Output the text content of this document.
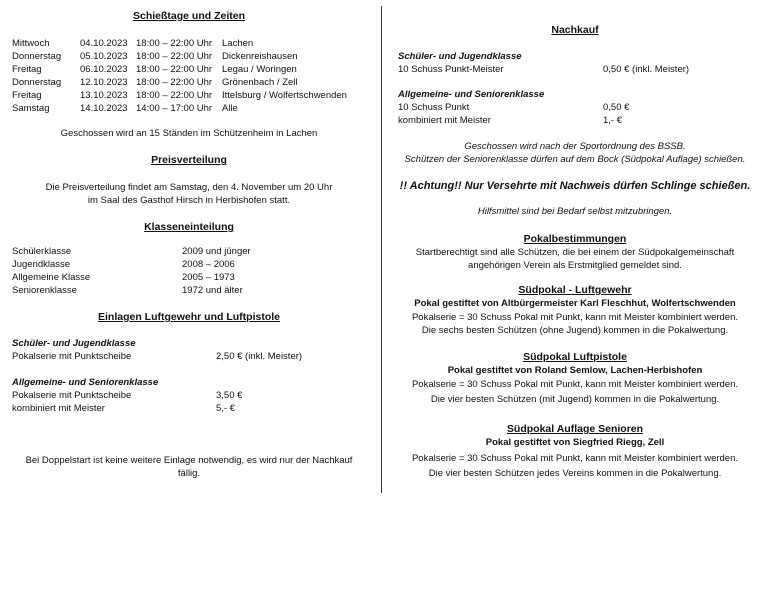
Schießtage und Zeiten
Mittwoch	04.10.2023 18:00 – 22:00 Uhr Lachen
Donnerstag 05.10.2023 18:00 – 22:00 Uhr Dickenreishausen
Freitag	06.10.2023 18:00 – 22:00 Uhr Legau / Woringen
Donnerstag 12.10.2023 18:00 – 22:00 Uhr Grönenbach / Zell
Freitag	13.10.2023 18:00 – 22:00 Uhr Ittelsburg / Wolfertschwenden
Samstag	14.10.2023 14:00 – 17:00 Uhr Alle
Geschossen wird an 15 Ständen im Schützenheim in Lachen
Preisverteilung
Die Preisverteilung findet am Samstag, den 4. November um 20 Uhr
im Saal des Gasthof Hirsch in Herbishofen statt.
Klasseneinteilung
Schülerklasse	2009 und jünger
Jugendklasse	2008 – 2006
Allgemeine Klasse	2005 – 1973
Seniorenklasse	1972 und älter
Einlagen Luftgewehr und Luftpistole
Schüler- und Jugendklasse
Pokalserie mit Punktscheibe	2,50 € (inkl. Meister)
Allgemeine- und Seniorenklasse
Pokalserie mit Punktscheibe	3,50 €
kombiniert mit Meister	5,- €
Bei Doppelstart ist keine weitere Einlage notwendig, es wird nur der Nachkauf
fällig.
Nachkauf
Schüler- und Jugendklasse
10 Schuss Punkt-Meister	0,50 € (inkl. Meister)
Allgemeine- und Seniorenklasse
10 Schuss Punkt	0,50 €
kombiniert mit Meister	1,- €
Geschossen wird nach der Sportordnung des BSSB.
Schützen der Seniorenklasse dürfen auf dem Bock (Südpokal Auflage) schießen.
!! Achtung!! Nur Versehrte mit Nachweis dürfen Schlinge schießen.
Hilfsmittel sind bei Bedarf selbst mitzubringen.
Pokalbestimmungen
Startberechtigt sind alle Schützen, die bei einem der Südpokalgemeinschaft
angehörigen Verein als Erstmitglied gemeldet sind.
Südpokal - Luftgewehr
Pokal gestiftet von Altbürgermeister Karl Fleschhut, Wolfertschwenden
Pokalserie = 30 Schuss Pokal mit Punkt, kann mit Meister kombiniert werden.
Die sechs besten Schützen (ohne Jugend) kommen in die Pokalwertung.
Südpokal Luftpistole
Pokal gestiftet von Roland Semlow, Lachen-Herbishofen
Pokalserie = 30 Schuss Pokal mit Punkt, kann mit Meister kombiniert werden.
Die vier besten Schützen (mit Jugend) kommen in die Pokalwertung.
Südpokal Auflage Senioren
Pokal gestiftet von Siegfried Riegg, Zell
Pokalserie = 30 Schuss Pokal mit Punkt, kann mit Meister kombiniert werden.
Die vier besten Schützen jedes Vereins kommen in die Pokalwertung.
